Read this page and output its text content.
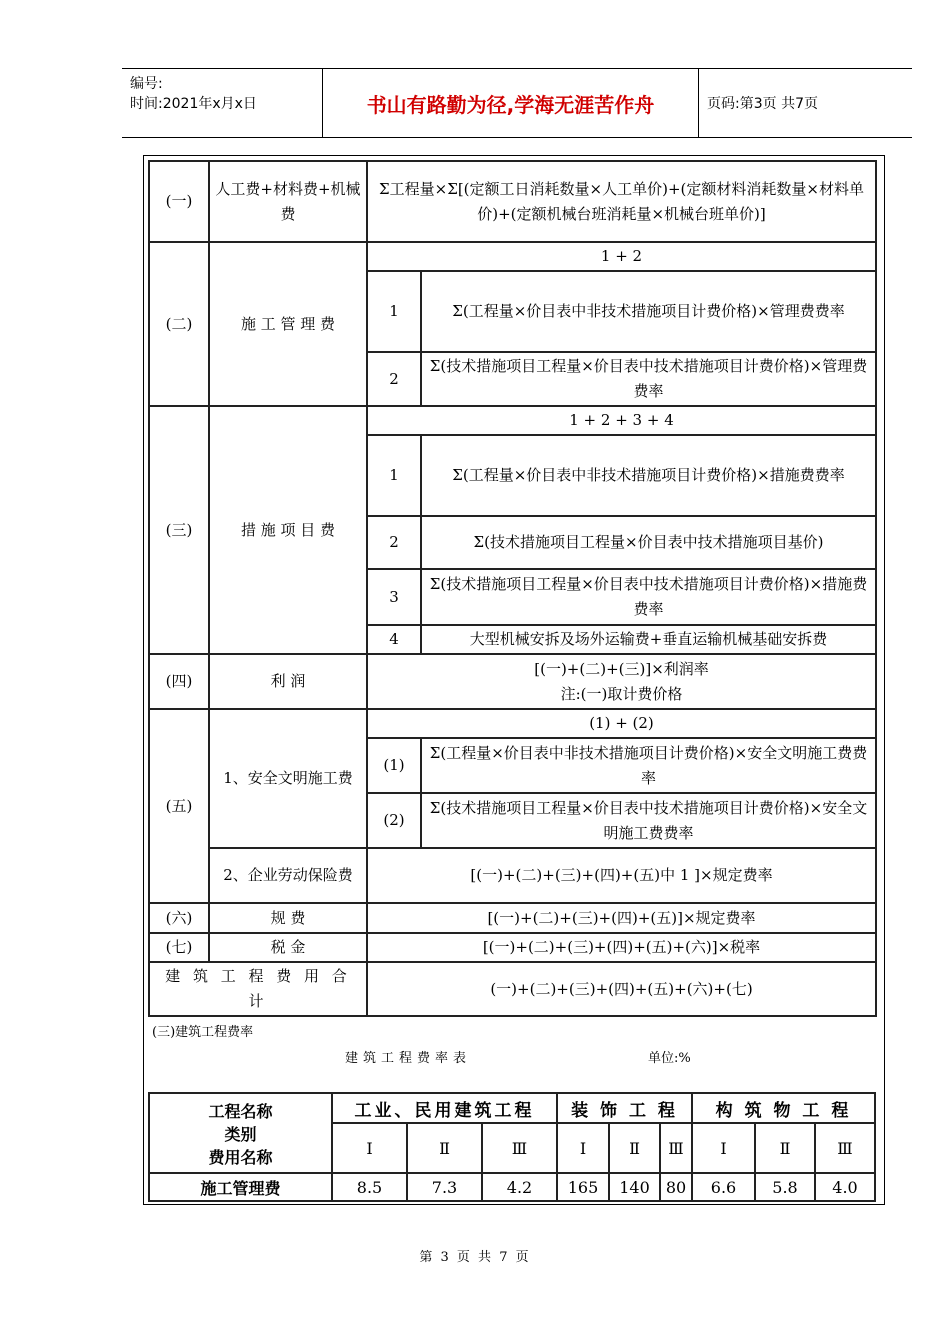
编号:
时间:2021年x月x日	书山有路勤为径,学海无涯苦作舟	页码:第3页 共7页
(一)	人工费+材料费+机械费	Σ工程量×Σ[(定额工日消耗数量×人工单价)+(定额材料消耗数量×材料单价)+(定额机械台班消耗量×机械台班单价)]	
(二)	施 工 管 理 费	1 + 2	
		1	Σ(工程量×价目表中非技术措施项目计费价格)×管理费费率
		2	Σ(技术措施项目工程量×价目表中技术措施项目计费价格)×管理费费率
(三)	措 施 项 目 费	1 + 2 + 3 + 4	
		1	Σ(工程量×价目表中非技术措施项目计费价格)×措施费费率
		2	Σ(技术措施项目工程量×价目表中技术措施项目基价)
		3	Σ(技术措施项目工程量×价目表中技术措施项目计费价格)×措施费费率
		4	大型机械安拆及场外运输费+垂直运输机械基础安拆费
(四)	利 润	[(一)+(二)+(三)]×利润率
注:(一)取计费价格	

(五)	1、安全文明施工费	(1) + (2)	
		(1)	Σ(工程量×价目表中非技术措施项目计费价格)×安全文明施工费费率
		(2)	Σ(技术措施项目工程量×价目表中技术措施项目计费价格)×安全文明施工费费率
	2、企业劳动保险费	[(一)+(二)+(三)+(四)+(五)中 1 ]×规定费率	
(六)	规 费	[(一)+(二)+(三)+(四)+(五)]×规定费率	
(七)	税 金	[(一)+(二)+(三)+(四)+(五)+(六)]×税率	
建 筑 工 程 费 用 合 计		(一)+(二)+(三)+(四)+(五)+(六)+(七)	
(三)建筑工程费率
建筑工程费率表	单位:%
工程名称
类别
费用名称	工业、民用建筑工程			装 饰 工 程			构 筑 物 工 程		
	Ⅰ	Ⅱ	Ⅲ	Ⅰ	Ⅱ	Ⅲ	Ⅰ	Ⅱ	Ⅲ
施工管理费	8.5	7.3	4.2	165	140	80	6.6	5.8	4.0
第 3 页 共 7 页
